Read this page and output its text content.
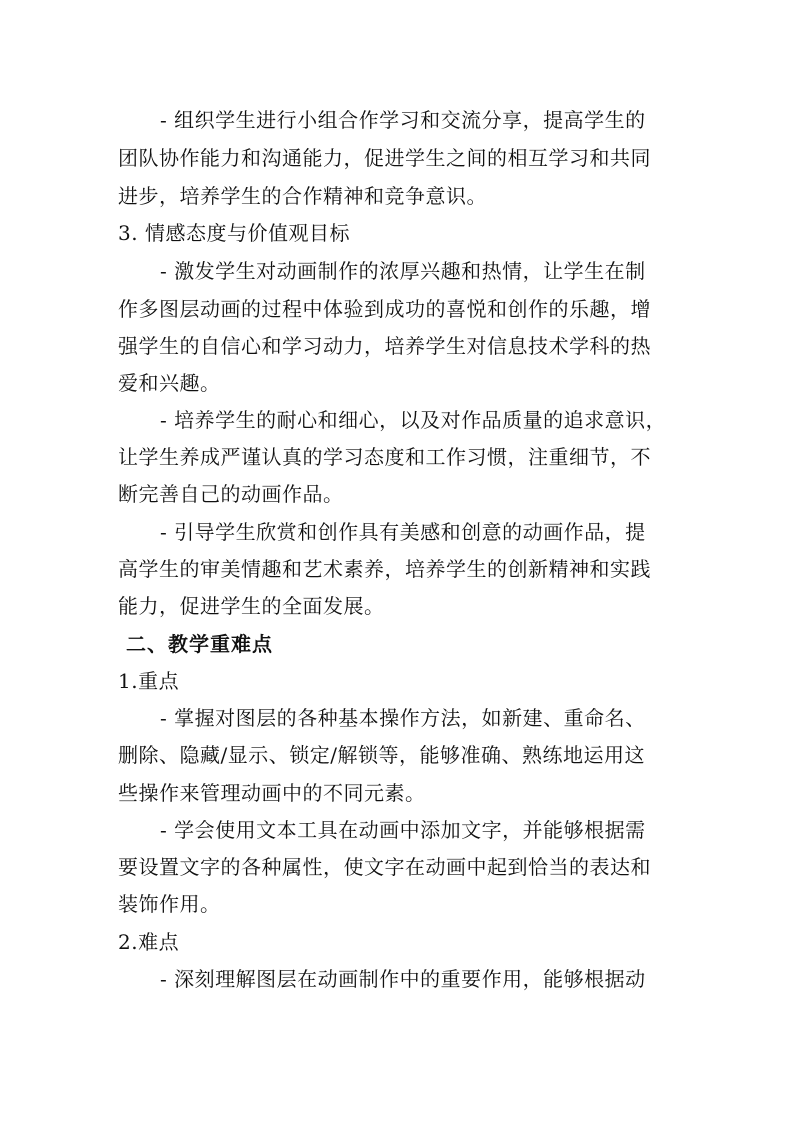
- 组织学生进行小组合作学习和交流分享，提高学生的
团队协作能力和沟通能力，促进学生之间的相互学习和共同
进步，培养学生的合作精神和竞争意识。
3. 情感态度与价值观目标
- 激发学生对动画制作的浓厚兴趣和热情，让学生在制
作多图层动画的过程中体验到成功的喜悦和创作的乐趣，增
强学生的自信心和学习动力，培养学生对信息技术学科的热
爱和兴趣。
- 培养学生的耐心和细心，以及对作品质量的追求意识，
让学生养成严谨认真的学习态度和工作习惯，注重细节，不
断完善自己的动画作品。
- 引导学生欣赏和创作具有美感和创意的动画作品，提
高学生的审美情趣和艺术素养，培养学生的创新精神和实践
能力，促进学生的全面发展。
二、教学重难点
1.重点
- 掌握对图层的各种基本操作方法，如新建、重命名、
删除、隐藏/显示、锁定/解锁等，能够准确、熟练地运用这
些操作来管理动画中的不同元素。
- 学会使用文本工具在动画中添加文字，并能够根据需
要设置文字的各种属性，使文字在动画中起到恰当的表达和
装饰作用。
2.难点
- 深刻理解图层在动画制作中的重要作用，能够根据动
